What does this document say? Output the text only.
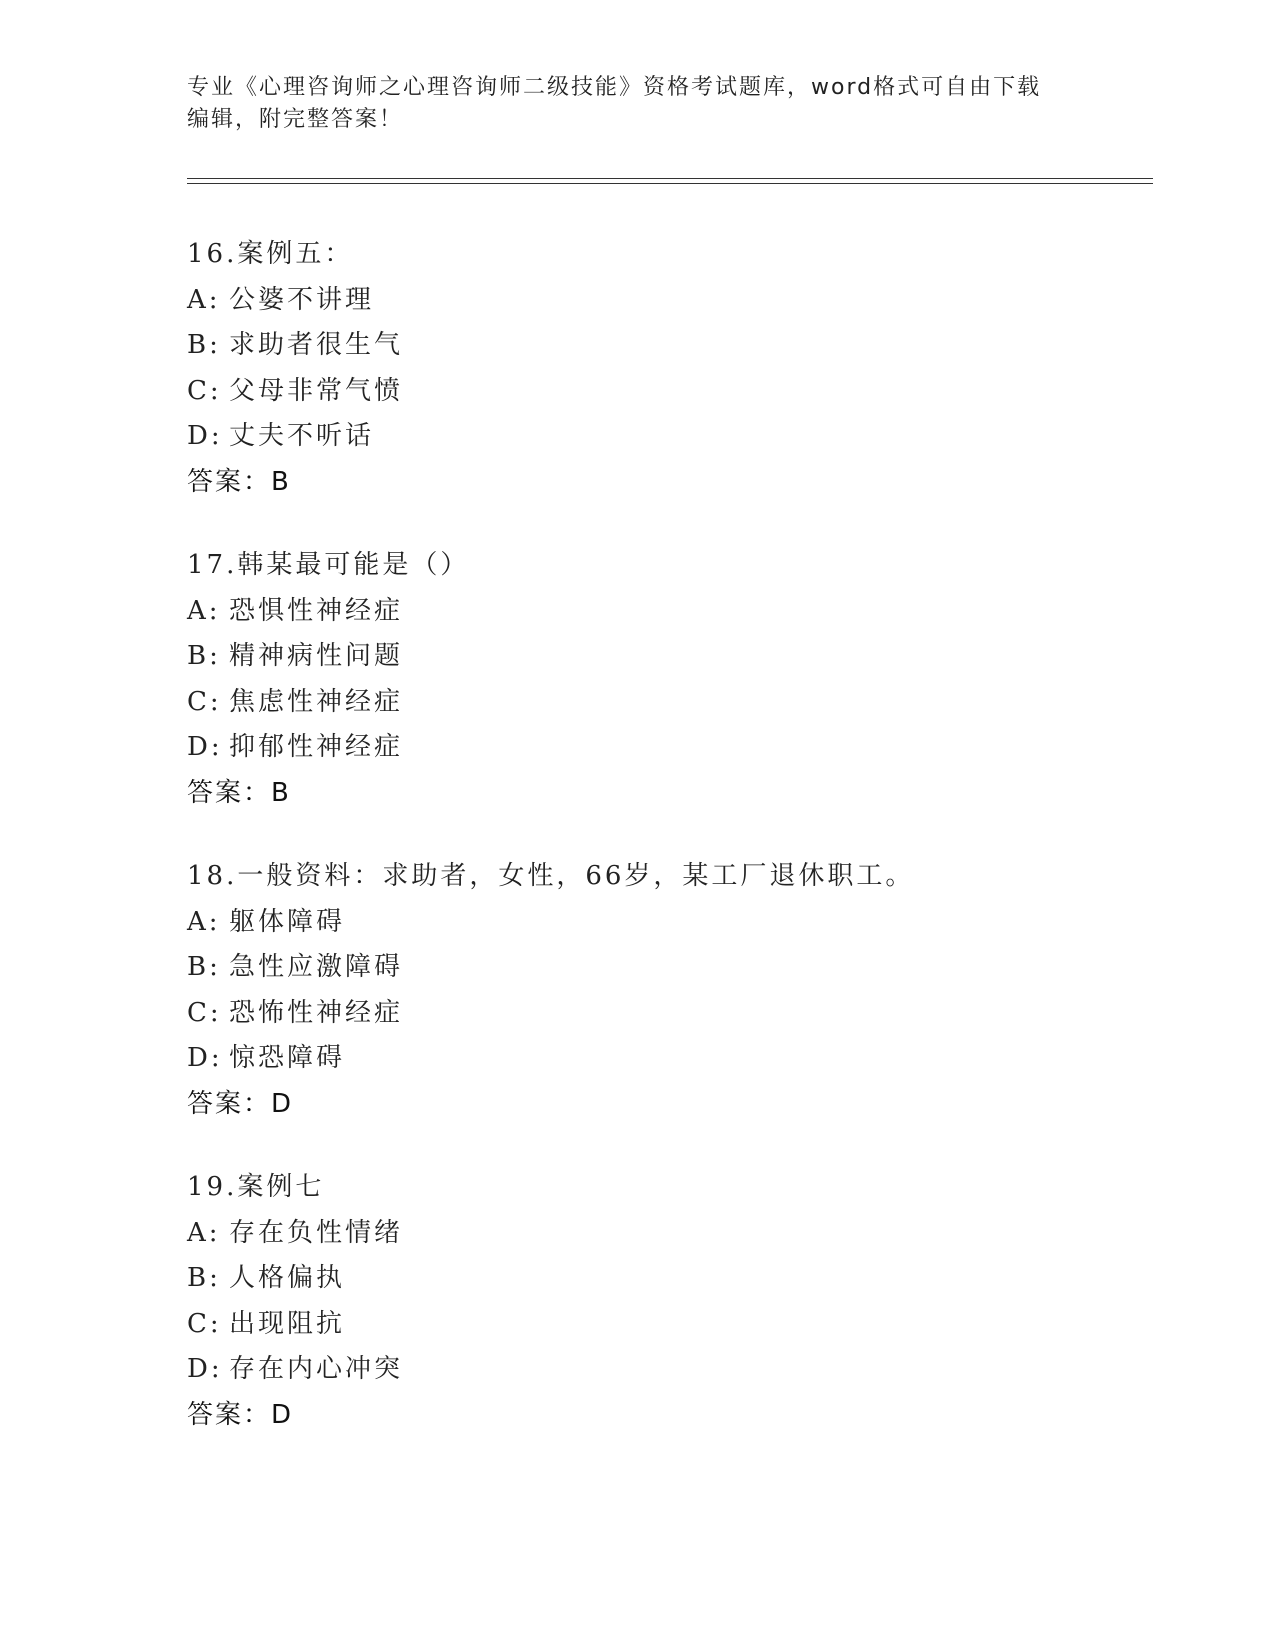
专业《心理咨询师之心理咨询师二级技能》资格考试题库，word格式可自由下载
编辑，附完整答案！
16.案例五：
A: 公婆不讲理
B: 求助者很生气
C: 父母非常气愤
D: 丈夫不听话
答案：B
17.韩某最可能是（）
A: 恐惧性神经症
B: 精神病性问题
C: 焦虑性神经症
D: 抑郁性神经症
答案：B
18.一般资料：求助者，女性，66岁，某工厂退休职工。
A: 躯体障碍
B: 急性应激障碍
C: 恐怖性神经症
D: 惊恐障碍
答案：D
19.案例七
A: 存在负性情绪
B: 人格偏执
C: 出现阻抗
D: 存在内心冲突
答案：D
